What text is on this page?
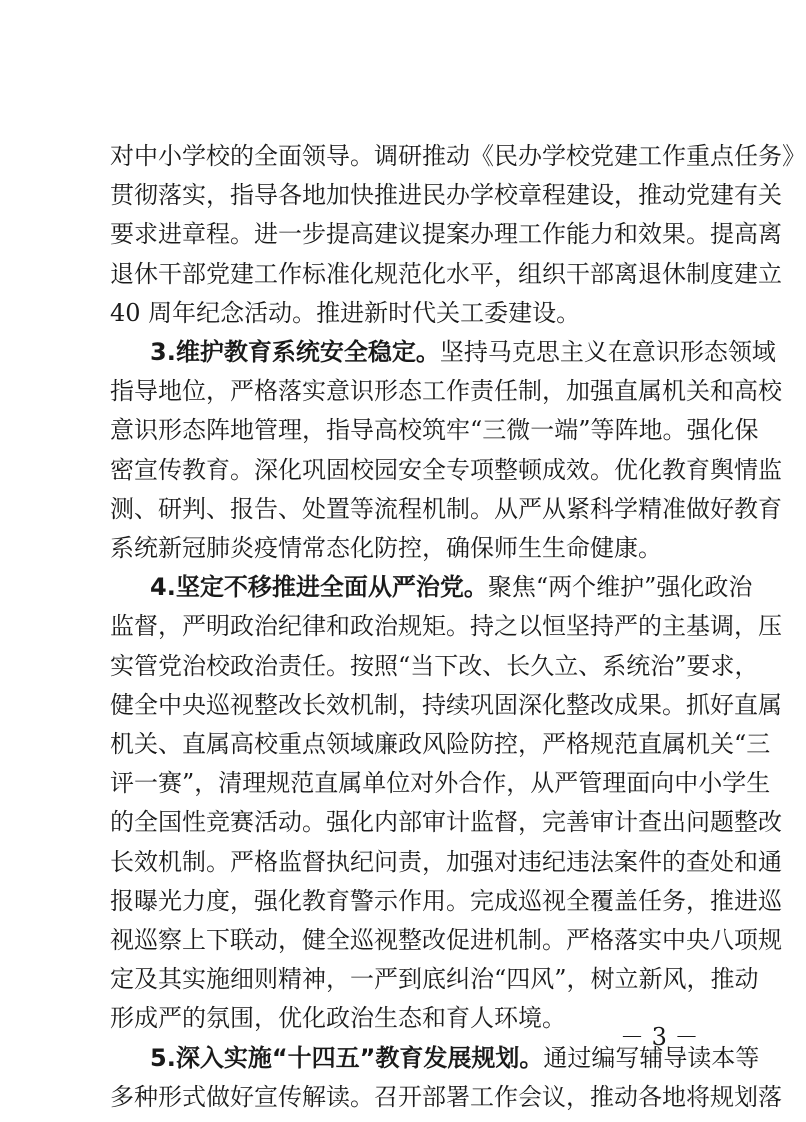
－ 3 －
对中小学校的全面领导。调研推动《民办学校党建工作重点任务》
贯彻落实，指导各地加快推进民办学校章程建设，推动党建有关
要求进章程。进一步提高建议提案办理工作能力和效果。提高离
退休干部党建工作标准化规范化水平，组织干部离退休制度建立
40 周年纪念活动。推进新时代关工委建设。
3.维护教育系统安全稳定。坚持马克思主义在意识形态领域
指导地位，严格落实意识形态工作责任制，加强直属机关和高校
意识形态阵地管理，指导高校筑牢“三微一端”等阵地。强化保
密宣传教育。深化巩固校园安全专项整顿成效。优化教育舆情监
测、研判、报告、处置等流程机制。从严从紧科学精准做好教育
系统新冠肺炎疫情常态化防控，确保师生生命健康。
4.坚定不移推进全面从严治党。聚焦“两个维护”强化政治
监督，严明政治纪律和政治规矩。持之以恒坚持严的主基调，压
实管党治校政治责任。按照“当下改、长久立、系统治”要求，
健全中央巡视整改长效机制，持续巩固深化整改成果。抓好直属
机关、直属高校重点领域廉政风险防控，严格规范直属机关“三
评一赛”，清理规范直属单位对外合作，从严管理面向中小学生
的全国性竞赛活动。强化内部审计监督，完善审计查出问题整改
长效机制。严格监督执纪问责，加强对违纪违法案件的查处和通
报曝光力度，强化教育警示作用。完成巡视全覆盖任务，推进巡
视巡察上下联动，健全巡视整改促进机制。严格落实中央八项规
定及其实施细则精神，一严到底纠治“四风”，树立新风，推动
形成严的氛围，优化政治生态和育人环境。
5.深入实施“十四五”教育发展规划。通过编写辅导读本等
多种形式做好宣传解读。召开部署工作会议，推动各地将规划落
